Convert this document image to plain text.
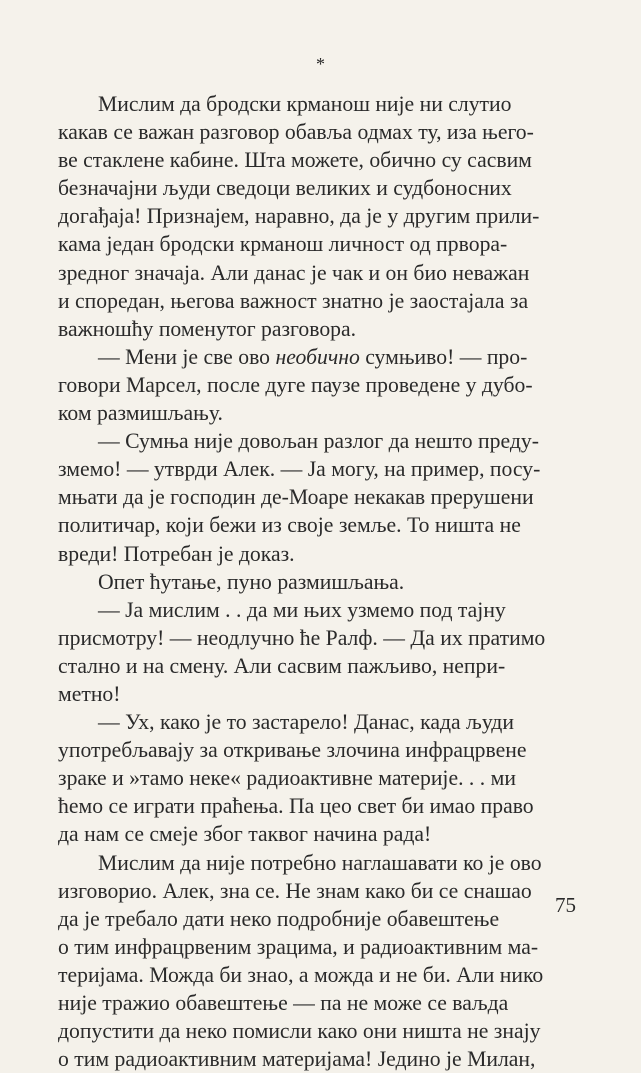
*

Мислим да бродски крманош није ни слутио
какав се важан разговор обавља одмах ту, иза њего-
ве стаклене кабине. Шта можете, обично су сасвим
безначајни људи сведоци великих и судбоносних
догађаја! Признајем, наравно, да је у другим прили-
кама један бродски крманош личност од прворa-
зредног значаја. Али данас је чак и он био неважан
и споредан, његова важност знатно је заостајала за
важношћу поменутог разговора.

— Мени је све ово необично сумњиво! — про-
говори Марсел, после дуге паузе проведене у дубо-
ком размишљању.

— Сумња није довољан разлог да нешто преду-
змемо! — утврди Алек. — Ја могу, на пример, посу-
мњати да је господин де-Моаре некакав прерушени
политичар, који бежи из своје земље. То ништа не
вреди! Потребан је доказ.

Опет ћутање, пуно размишљања.

— Ја мислим . . да ми њих узмемо под тајну
присмотру! — неодлучно ће Ралф. — Да их пратимо
стално и на смену. Али сасвим пажљиво, непри-
метно!

— Ух, како је то застарело! Данас, када људи
употребљавају за откривање злочина инфрацрвене
зраке и »тамо неке« радиоактивне материје. . . ми
ћемо се играти праћења. Па цео свет би имао право
да нам се смеје због таквог начина рада!

Мислим да није потребно наглашавати ко је ово
изговорио. Алек, зна се. Не знам како би се снашао
да је требало дати неко подробније обавештење
о тим инфрацрвеним зрацима, и радиоактивним ма-
теријама. Можда би знао, а можда и не би. Али нико
није тражио обавештење — па не може се ваљда
допустити да неко помисли како они ништа не знају
о тим радиоактивним материјама! Једино је Милан,

75
